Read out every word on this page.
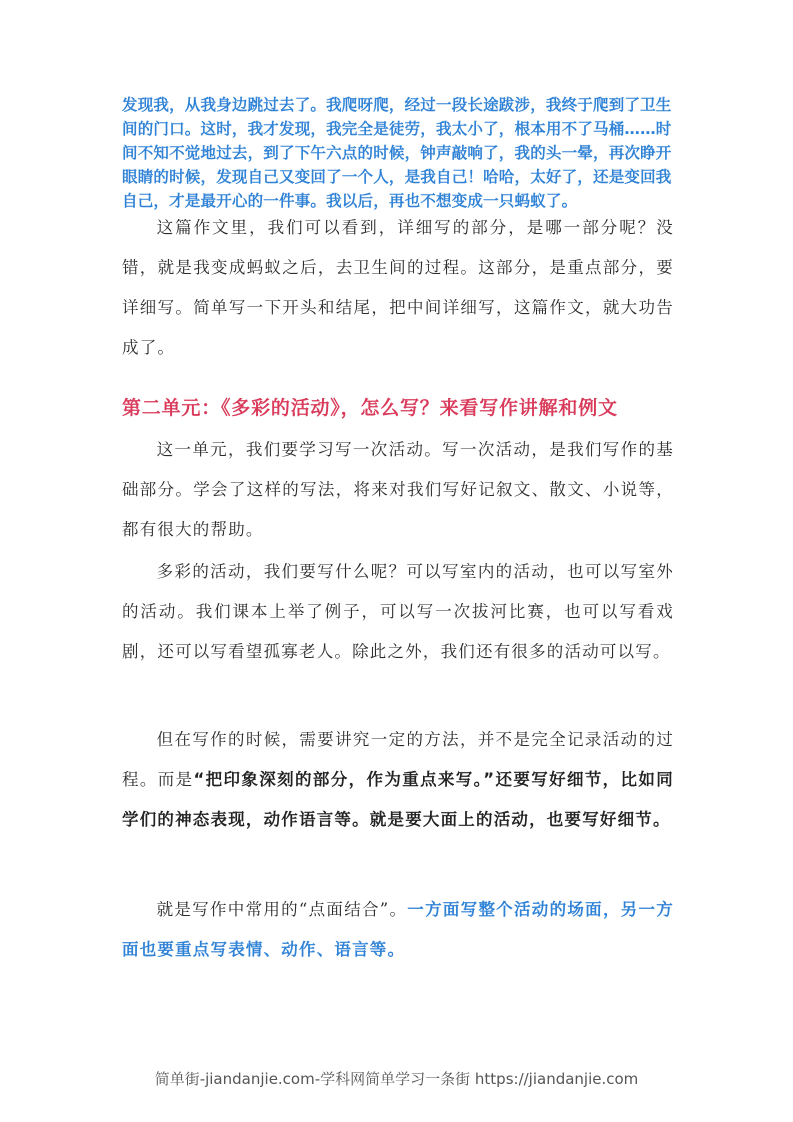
发现我，从我身边跳过去了。我爬呀爬，经过一段长途跋涉，我终于爬到了卫生间的门口。这时，我才发现，我完全是徒劳，我太小了，根本用不了马桶……时间不知不觉地过去，到了下午六点的时候，钟声敲响了，我的头一晕，再次睁开眼睛的时候，发现自己又变回了一个人，是我自己！哈哈，太好了，还是变回我自己，才是最开心的一件事。我以后，再也不想变成一只蚂蚁了。
这篇作文里，我们可以看到，详细写的部分，是哪一部分呢？没错，就是我变成蚂蚁之后，去卫生间的过程。这部分，是重点部分，要详细写。简单写一下开头和结尾，把中间详细写，这篇作文，就大功告成了。
第二单元：《多彩的活动》，怎么写？来看写作讲解和例文
这一单元，我们要学习写一次活动。写一次活动，是我们写作的基础部分。学会了这样的写法，将来对我们写好记叙文、散文、小说等，都有很大的帮助。
多彩的活动，我们要写什么呢？可以写室内的活动，也可以写室外的活动。我们课本上举了例子，可以写一次拔河比赛，也可以写看戏剧，还可以写看望孤寡老人。除此之外，我们还有很多的活动可以写。
但在写作的时候，需要讲究一定的方法，并不是完全记录活动的过程。而是“把印象深刻的部分，作为重点来写。”还要写好细节，比如同学们的神态表现，动作语言等。就是要大面上的活动，也要写好细节。
就是写作中常用的“点面结合”。一方面写整个活动的场面，另一方面也要重点写表情、动作、语言等。
简单街-jiandanjie.com-学科网简单学习一条街 https://jiandanjie.com
